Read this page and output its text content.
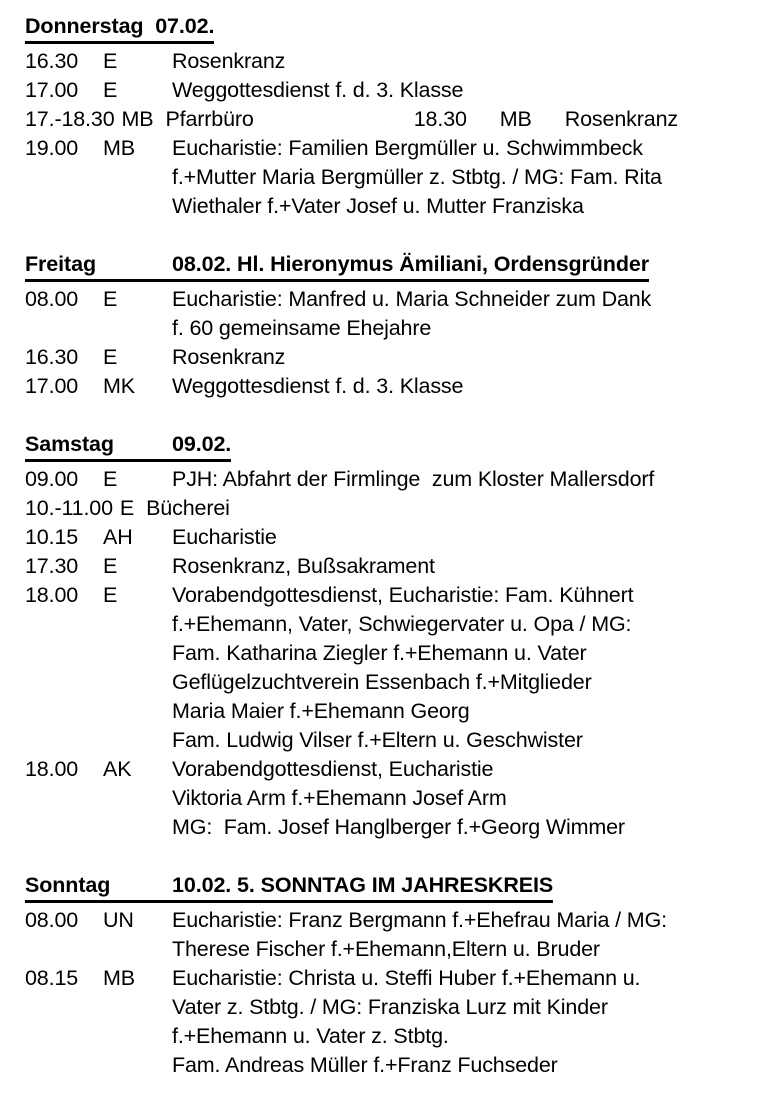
Donnerstag  07.02.
16.30	E	Rosenkranz
17.00	E	Weggottesdienst f. d. 3. Klasse
17.-18.30 MB Pfarrbüro	18.30 MB Rosenkranz
19.00	MB	Eucharistie: Familien Bergmüller u. Schwimmbeck
f.+Mutter Maria Bergmüller z. Stbtg. / MG: Fam. Rita
Wiethaler f.+Vater Josef u. Mutter Franziska
Freitag	08.02. Hl. Hieronymus Ämiliani, Ordensgründer
08.00	E	Eucharistie: Manfred u. Maria Schneider zum Dank
f. 60 gemeinsame Ehejahre
16.30	E	Rosenkranz
17.00	MK	Weggottesdienst f. d. 3. Klasse
Samstag	09.02.
09.00	E	PJH: Abfahrt der Firmlinge  zum Kloster Mallersdorf
10.-11.00 E Bücherei
10.15	AH	Eucharistie
17.30	E	Rosenkranz, Bußsakrament
18.00	E	Vorabendgottesdienst, Eucharistie: Fam. Kühnert
f.+Ehemann, Vater, Schwiegervater u. Opa / MG:
Fam. Katharina Ziegler f.+Ehemann u. Vater
Geflügelzuchtverein Essenbach f.+Mitglieder
Maria Maier f.+Ehemann Georg
Fam. Ludwig Vilser f.+Eltern u. Geschwister
18.00	AK	Vorabendgottesdienst, Eucharistie
Viktoria Arm f.+Ehemann Josef Arm
MG:  Fam. Josef Hanglberger f.+Georg Wimmer
Sonntag	10.02. 5. SONNTAG IM JAHRESKREIS
08.00	UN	Eucharistie: Franz Bergmann f.+Ehefrau Maria / MG:
Therese Fischer f.+Ehemann,Eltern u. Bruder
08.15	MB	Eucharistie: Christa u. Steffi Huber f.+Ehemann u.
Vater z. Stbtg. / MG: Franziska Lurz mit Kinder
f.+Ehemann u. Vater z. Stbtg.
Fam. Andreas Müller f.+Franz Fuchseder
